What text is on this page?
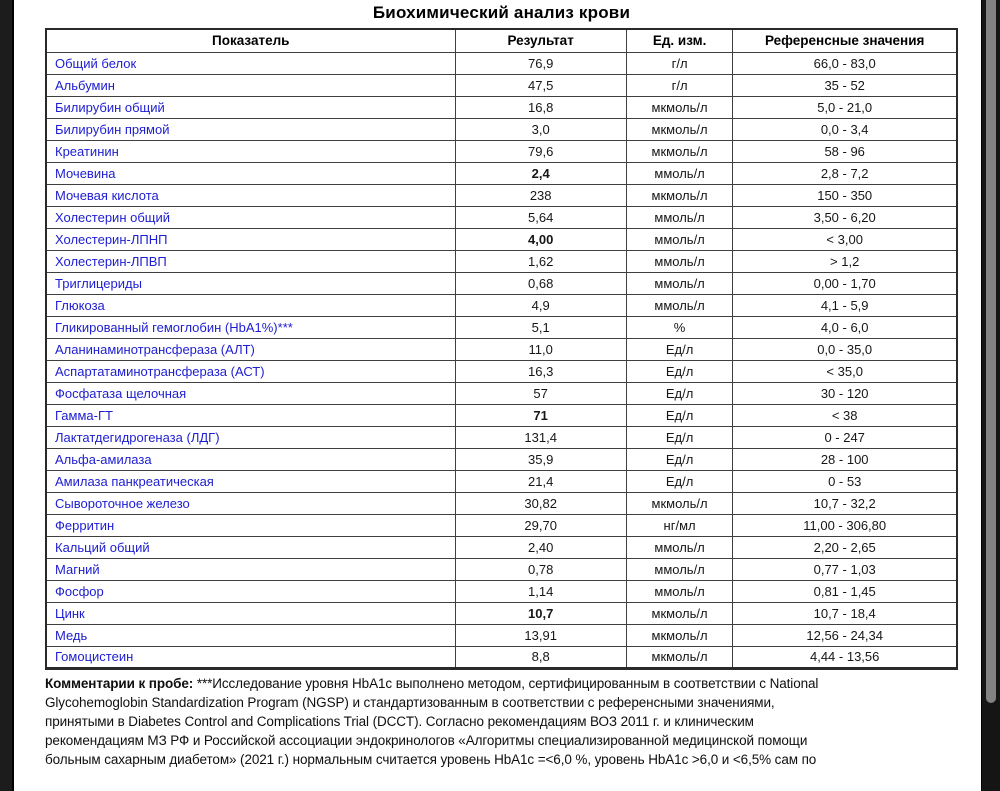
Биохимический анализ крови
Показатель	Результат	Ед. изм.	Референсные значения
Общий белок	76,9	г/л	66,0 - 83,0
Альбумин	47,5	г/л	35 - 52
Билирубин общий	16,8	мкмоль/л	5,0 - 21,0
Билирубин прямой	3,0	мкмоль/л	0,0 - 3,4
Креатинин	79,6	мкмоль/л	58 - 96
Мочевина	2,4	ммоль/л	2,8 - 7,2
Мочевая кислота	238	мкмоль/л	150 - 350
Холестерин общий	5,64	ммоль/л	3,50 - 6,20
Холестерин-ЛПНП	4,00	ммоль/л	< 3,00
Холестерин-ЛПВП	1,62	ммоль/л	> 1,2
Триглицериды	0,68	ммоль/л	0,00 - 1,70
Глюкоза	4,9	ммоль/л	4,1 - 5,9
Гликированный гемоглобин (HbA1%)***	5,1	%	4,0 - 6,0
Аланинаминотрансфераза (АЛТ)	11,0	Ед/л	0,0 - 35,0
Аспартатаминотрансфераза (АСТ)	16,3	Ед/л	< 35,0
Фосфатаза щелочная	57	Ед/л	30 - 120
Гамма-ГТ	71	Ед/л	< 38
Лактатдегидрогеназа (ЛДГ)	131,4	Ед/л	0 - 247
Альфа-амилаза	35,9	Ед/л	28 - 100
Амилаза панкреатическая	21,4	Ед/л	0 - 53
Сывороточное железо	30,82	мкмоль/л	10,7 - 32,2
Ферритин	29,70	нг/мл	11,00 - 306,80
Кальций общий	2,40	ммоль/л	2,20 - 2,65
Магний	0,78	ммоль/л	0,77 - 1,03
Фосфор	1,14	ммоль/л	0,81 - 1,45
Цинк	10,7	мкмоль/л	10,7 - 18,4
Медь	13,91	мкмоль/л	12,56 - 24,34
Гомоцистеин	8,8	мкмоль/л	4,44 - 13,56
Комментарии к пробе: ***Исследование уровня HbA1c выполнено методом, сертифицированным в соответствии с National
Glycohemoglobin Standardization Program (NGSP) и стандартизованным в соответствии с референсными значениями,
принятыми в Diabetes Control and Complications Trial (DCCT). Согласно рекомендациям ВОЗ 2011 г. и клиническим
рекомендациям МЗ РФ и Российской ассоциации эндокринологов «Алгоритмы специализированной медицинской помощи
больным сахарным диабетом» (2021 г.) нормальным считается уровень HbA1c =<6,0 %, уровень HbA1c >6,0 и <6,5% сам по
